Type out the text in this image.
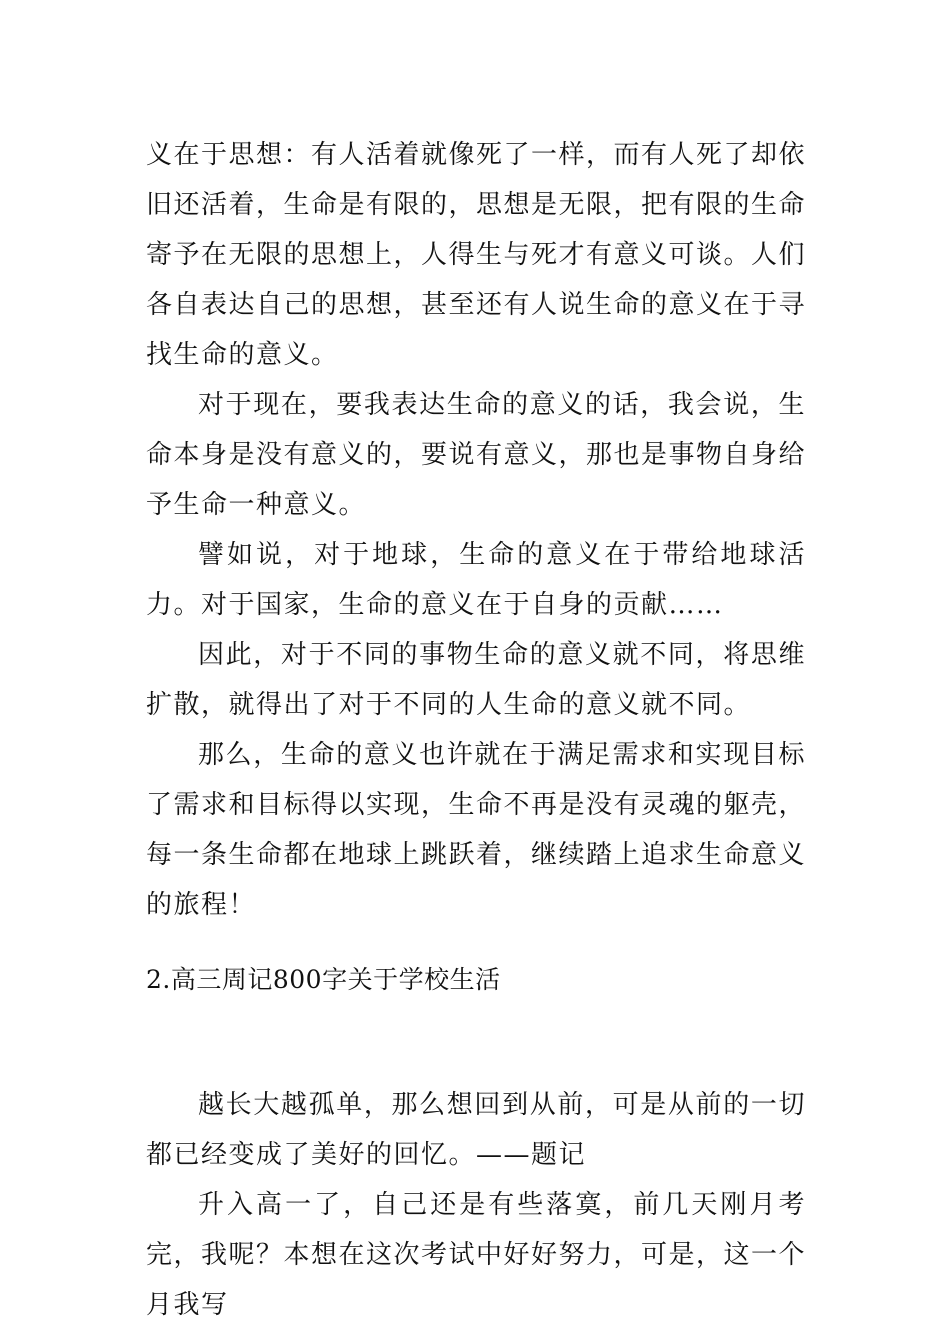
义在于思想：有人活着就像死了一样，而有人死了却依旧还活着，生命是有限的，思想是无限，把有限的生命寄予在无限的思想上，人得生与死才有意义可谈。人们各自表达自己的思想，甚至还有人说生命的意义在于寻找生命的意义。

对于现在，要我表达生命的意义的话，我会说，生命本身是没有意义的，要说有意义，那也是事物自身给予生命一种意义。

譬如说，对于地球，生命的意义在于带给地球活力。对于国家，生命的意义在于自身的贡献……

因此，对于不同的事物生命的意义就不同，将思维扩散，就得出了对于不同的人生命的意义就不同。

那么，生命的意义也许就在于满足需求和实现目标了需求和目标得以实现，生命不再是没有灵魂的躯壳，每一条生命都在地球上跳跃着，继续踏上追求生命意义的旅程！

2.高三周记800字关于学校生活

越长大越孤单，那么想回到从前，可是从前的一切都已经变成了美好的回忆。——题记

升入高一了，自己还是有些落寞，前几天刚月考完，我呢？本想在这次考试中好好努力，可是，这一个月我写
